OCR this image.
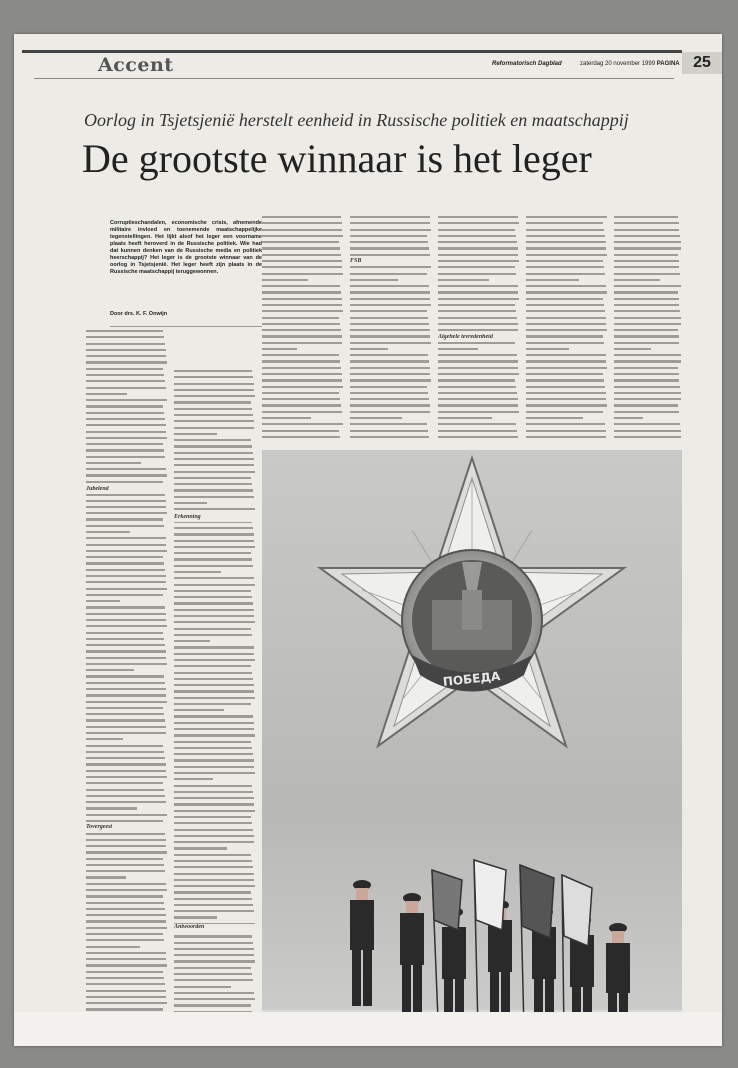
Accent	Reformatorisch Dagblad	zaterdag 20 november 1999 PAGINA 25
Oorlog in Tsjetsjenië herstelt eenheid in Russische politiek en maatschappij
De grootste winnaar is het leger
Corruptieschandalen, economische crisis, afnemende militaire invloed en toenemende maatschappelijke tegenstellingen. Het lijkt alsof het leger een voorname plaats heeft heroverd in de Russische politiek. Wie had dat kunnen denken van de Russische media en politiek heerschappij? Het leger is de grootste winnaar van de oorlog in Tsjetsjenië. Het leger heeft zijn plaats in de Russische maatschappij teruggewonnen.
Door drs. K. F. Onwijn
Jubelend
Tovergeest
Erkenning
FSB
Antwoorden
Algehele tevredenheid
ПОБЕДА
